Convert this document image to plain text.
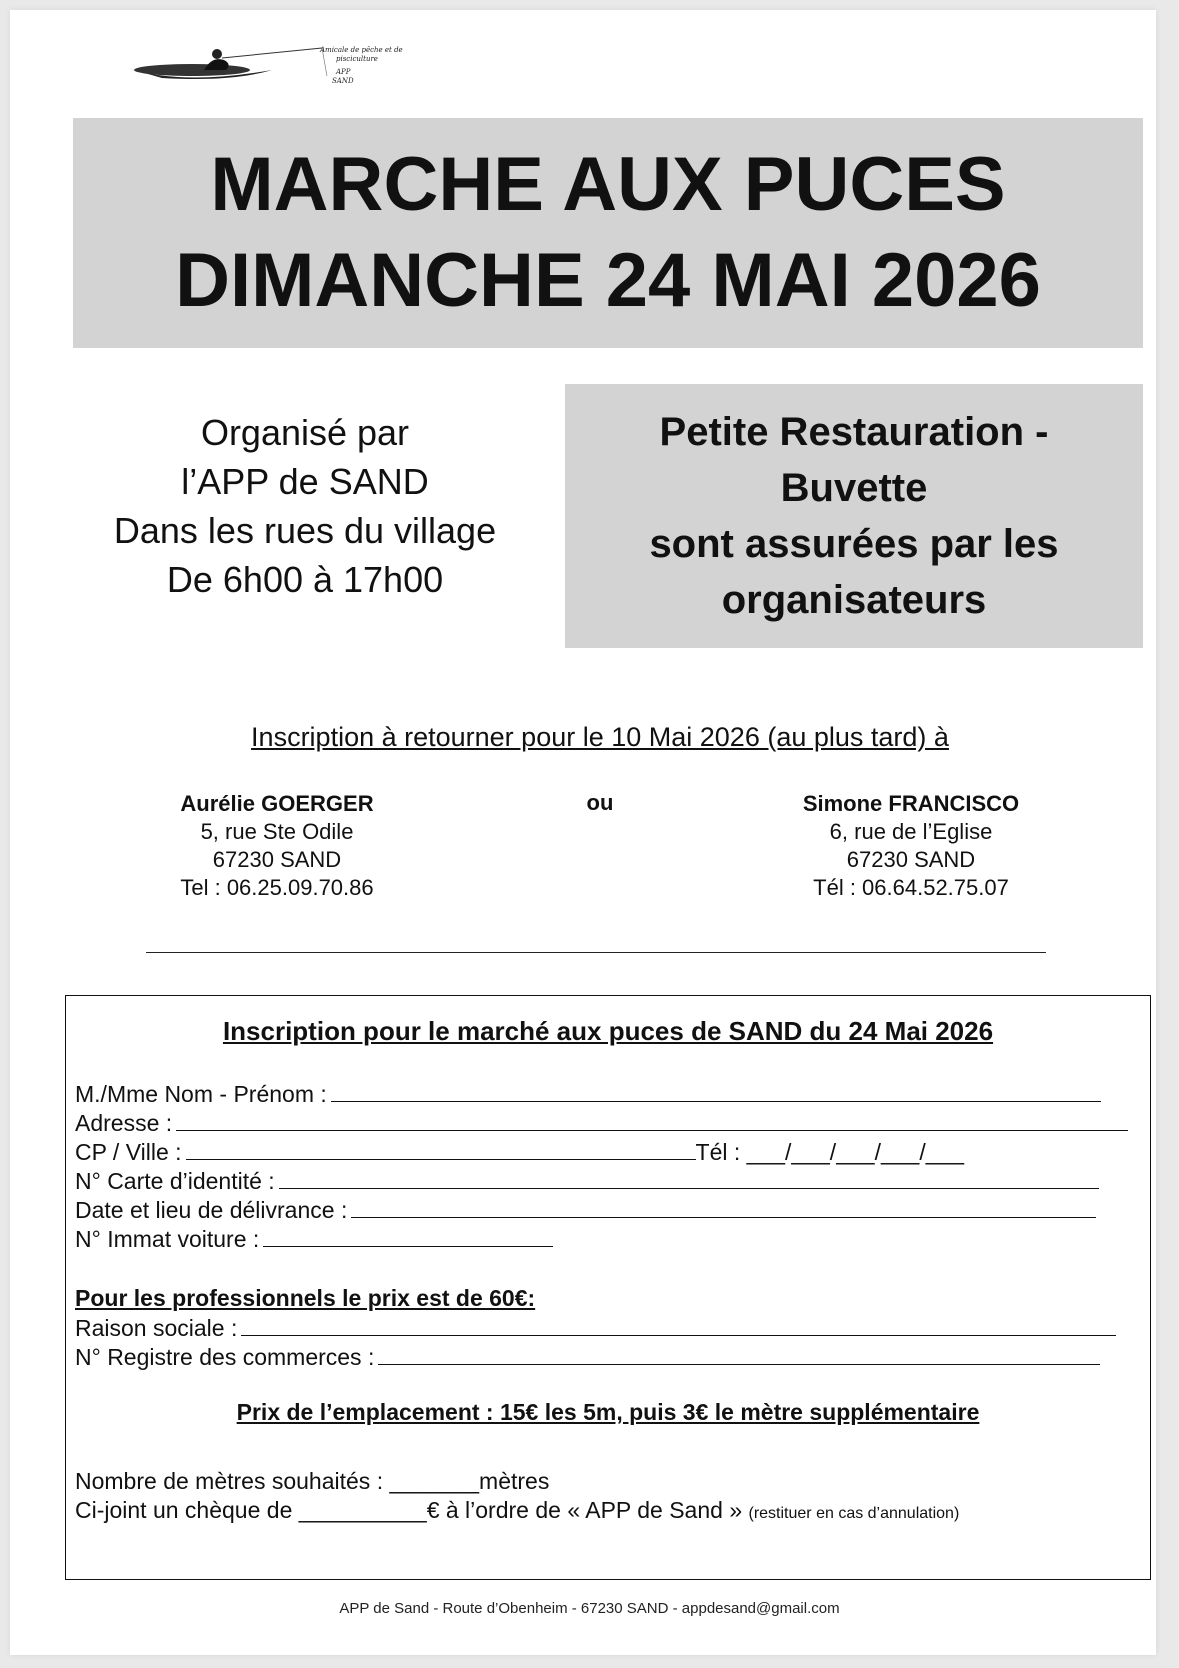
Amicale de pêche et de
pisciculture
APP
SAND
MARCHE AUX PUCES
DIMANCHE 24 MAI 2026
Organisé par
l’APP de SAND
Dans les rues du village
De 6h00 à 17h00
Petite Restauration -
Buvette
sont assurées par les
organisateurs
Inscription à retourner pour le 10 Mai 2026 (au plus tard) à
Aurélie GOERGER
5, rue Ste Odile
67230 SAND
Tel : 06.25.09.70.86
ou	Simone FRANCISCO
6, rue de l’Eglise
67230 SAND
Tél : 06.64.52.75.07
Inscription pour le marché aux puces de SAND du 24 Mai 2026
M./Mme Nom - Prénom :
Adresse :
CP / Ville :	Tél : ___/___/___/___/___
N° Carte d’identité :
Date et lieu de délivrance :
N° Immat voiture :
Pour les professionnels le prix est de 60€:
Raison sociale :
N° Registre des commerces :
Prix de l’emplacement : 15€ les 5m, puis 3€ le mètre supplémentaire
Nombre de mètres souhaités : _______mètres
Ci-joint un chèque de __________€ à l’ordre de « APP de Sand » (restituer en cas d’annulation)
APP de Sand - Route d’Obenheim - 67230 SAND - appdesand@gmail.com
